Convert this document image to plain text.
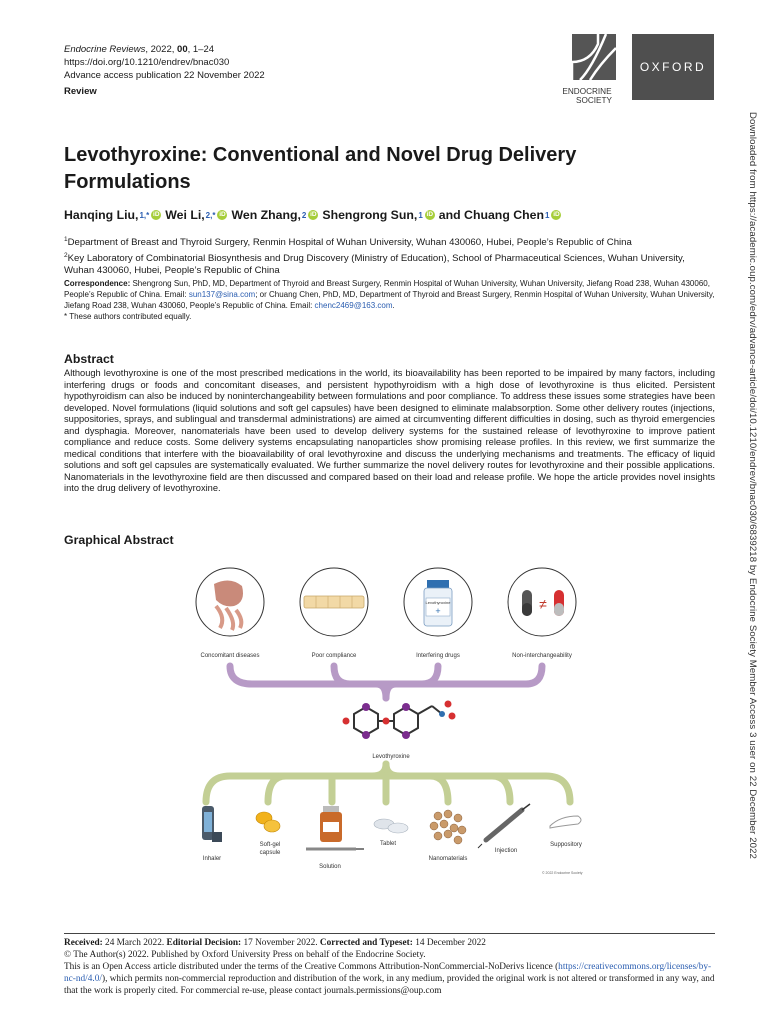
Endocrine Reviews, 2022, 00, 1–24
https://doi.org/10.1210/endrev/bnac030
Advance access publication 22 November 2022
Review	ENDOCRINE
SOCIETY
OXFORD
Downloaded from https://academic.oup.com/edrv/advance-article/doi/10.1210/endrev/bnac030/6839218 by Endocrine Society Member Access 3 user on 22 December 2022
Levothyroxine: Conventional and Novel Drug Delivery Formulations
Hanqing Liu, 1,* iD Wei Li, 2,* iD Wen Zhang, 2 iD Shengrong Sun, 1 iD and Chuang Chen 1 iD
$^1$Department of Breast and Thyroid Surgery, Renmin Hospital of Wuhan University, Wuhan 430060, Hubei, People’s Republic of China
$^2$Key Laboratory of Combinatorial Biosynthesis and Drug Discovery (Ministry of Education), School of Pharmaceutical Sciences, Wuhan University, Wuhan 430060, Hubei, People’s Republic of China
Correspondence: Shengrong Sun, PhD, MD, Department of Thyroid and Breast Surgery, Renmin Hospital of Wuhan University, Wuhan University, Jiefang Road 238, Wuhan 430060, People’s Republic of China. Email: sun137@sina.com; or Chuang Chen, PhD, MD, Department of Thyroid and Breast Surgery, Renmin Hospital of Wuhan University, Wuhan University, Jiefang Road 238, Wuhan 430060, People’s Republic of China. Email: chenc2469@163.com.
* These authors contributed equally.
Abstract
Although levothyroxine is one of the most prescribed medications in the world, its bioavailability has been reported to be impaired by many factors, including interfering drugs or foods and concomitant diseases, and persistent hypothyroidism with a high dose of levothyroxine is thus elicited. Persistent hypothyroidism can also be induced by noninterchangeability between formulations and poor compliance. To address these issues some strategies have been developed. Novel formulations (liquid solutions and soft gel capsules) have been designed to eliminate malabsorption. Some other delivery routes (injections, suppositories, sprays, and sublingual and transdermal administrations) are aimed at circumventing different difficulties in dosing, such as thyroid emergencies and dysphagia. Moreover, nanomaterials have been used to develop delivery systems for the sustained release of levothyroxine to improve patient compliance and reduce costs. Some delivery systems encapsulating nanoparticles show promising release profiles. In this review, we first summarize the medical conditions that interfere with the bioavailability of oral levothyroxine and discuss the underlying mechanisms and treatments. The efficacy of liquid solutions and soft gel capsules are systematically evaluated. We further summarize the novel delivery routes for levothyroxine and their possible applications. Nanomaterials in the levothyroxine field are then discussed and compared based on their load and release profile. We hope the article provides novel insights into the drug delivery of levothyroxine.
Graphical Abstract
Levothyroxine
+	≠
Concomitant diseases	Poor compliance	Interfering drugs	Non-interchangeability
Levothyroxine
Inhaler
Soft-gel
capsule
Solution
Tablet
Nanomaterials
Injection
Suppository
© 2022 Endocrine Society
Received: 24 March 2022. Editorial Decision: 17 November 2022. Corrected and Typeset: 14 December 2022
© The Author(s) 2022. Published by Oxford University Press on behalf of the Endocrine Society.
This is an Open Access article distributed under the terms of the Creative Commons Attribution-NonCommercial-NoDerivs licence (https://creativecommons.org/licenses/by-nc-nd/4.0/), which permits non-commercial reproduction and distribution of the work, in any medium, provided the original work is not altered or transformed in any way, and that the work is properly cited. For commercial re-use, please contact journals.permissions@oup.com
